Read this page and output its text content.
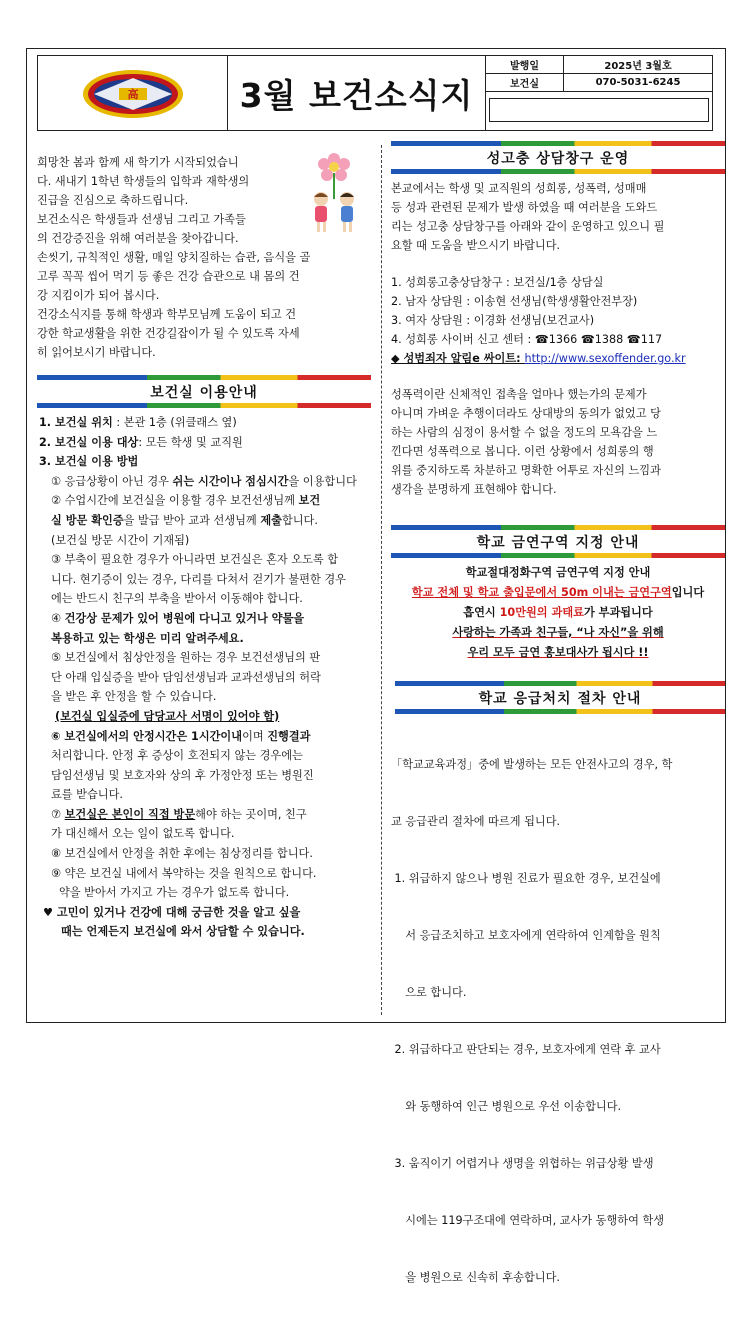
高	3월 보건소식지
발행일	2025년 3월호
보건실	070-5031-6245

희망찬 봄과 함께 새 학기가 시작되었습니

다. 새내기 1학년 학생들의 입학과 재학생의

진급을 진심으로 축하드립니다.

보건소식은 학생들과 선생님 그리고 가족들

의 건강증진을 위해 여러분을 찾아갑니다.

손씻기, 규칙적인 생활, 매일 양치질하는 습관, 음식을 골

고루 꼭꼭 씹어 먹기 등 좋은 건강 습관으로 내 몸의 건

강 지킴이가 되어 봅시다.

건강소식지를 통해 학생과 학부모님께 도움이 되고 건

강한 학교생활을 위한 건강길잡이가 될 수 있도록 자세

히 읽어보시기 바랍니다.

보건실 이용안내

1. 보건실 위치 : 본관 1층 (위클래스 옆)

2. 보건실 이용 대상: 모든 학생 및 교직원

3. 보건실 이용 방법

① 응급상황이 아닌 경우 쉬는 시간이나 점심시간을 이용합니다

② 수업시간에 보건실을 이용할 경우 보건선생님께 보건

실 방문 확인증을 발급 받아 교과 선생님께 제출합니다.

(보건실 방문 시간이 기재됨)

③ 부축이 필요한 경우가 아니라면 보건실은 혼자 오도록 합

니다. 현기증이 있는 경우, 다리를 다쳐서 걷기가 불편한 경우

에는 반드시 친구의 부축을 받아서 이동해야 합니다.

④ 건강상 문제가 있어 병원에 다니고 있거나 약물을

복용하고 있는 학생은 미리 알려주세요.

⑤ 보건실에서 침상안정을 원하는 경우 보건선생님의 판

단 아래 입실증을 받아 담임선생님과 교과선생님의 허락

을 받은 후 안정을 할 수 있습니다.

(보건실 입실증에 담당교사 서명이 있어야 함)

⑥ 보건실에서의 안정시간은 1시간이내이며 진행결과

처리합니다. 안정 후 증상이 호전되지 않는 경우에는

담임선생님 및 보호자와 상의 후 가정안정 또는 병원진

료를 받습니다.

⑦ 보건실은 본인이 직접 방문해야 하는 곳이며, 친구

가 대신해서 오는 일이 없도록 합니다.

⑧ 보건실에서 안정을 취한 후에는 침상정리를 합니다.

⑨ 약은 보건실 내에서 복약하는 것을 원칙으로 합니다.

약을 받아서 가지고 가는 경우가 없도록 합니다.

♥ 고민이 있거나 건강에 대해 궁금한 것을 알고 싶을

때는 언제든지 보건실에 와서 상담할 수 있습니다.

성고충 상담창구 운영

본교에서는 학생 및 교직원의 성희롱, 성폭력, 성매매

등 성과 관련된 문제가 발생 하였을 때 여러분을 도와드

리는 성고충 상담창구를 아래와 같이 운영하고 있으니 필

요할 때 도움을 받으시기 바랍니다.

1. 성희롱고충상담창구 : 보건실/1층 상담실

2. 남자 상담원 : 이송현 선생님(학생생활안전부장)

3. 여자 상담원 : 이경화 선생님(보건교사)

4. 성희롱 사이버 신고 센터 : ☎1366 ☎1388 ☎117

◆ 성범죄자 알림e 싸이트: http://www.sexoffender.go.kr

성폭력이란 신체적인 접촉을 얼마나 했는가의 문제가

아니며 가벼운 추행이더라도 상대방의 동의가 없었고 당

하는 사람의 심정이 용서할 수 없을 정도의 모욕감을 느

낀다면 성폭력으로 봅니다. 이런 상황에서 성희롱의 행

위를 중지하도록 차분하고 명확한 어투로 자신의 느낌과

생각을 분명하게 표현해야 합니다.

학교 금연구역 지정 안내

학교절대정화구역 금연구역 지정 안내

학교 전체 및 학교 출입문에서 50m 이내는 금연구역입니다

흡연시 10만원의 과태료가 부과됩니다

사랑하는 가족과 친구들, “나 자신”을 위해

우리 모두 금연 홍보대사가 됩시다 !!

학교 응급처치 절차 안내

「학교교육과정」중에 발생하는 모든 안전사고의 경우, 학

교 응급관리 절차에 따르게 됩니다.

1. 위급하지 않으나 병원 진료가 필요한 경우, 보건실에

서 응급조치하고 보호자에게 연락하여 인계함을 원칙

으로 합니다.

2. 위급하다고 판단되는 경우, 보호자에게 연락 후 교사

와 동행하여 인근 병원으로 우선 이송합니다.

3. 움직이기 어렵거나 생명을 위협하는 위급상황 발생

시에는 119구조대에 연락하며, 교사가 동행하여 학생

을 병원으로 신속히 후송합니다.
